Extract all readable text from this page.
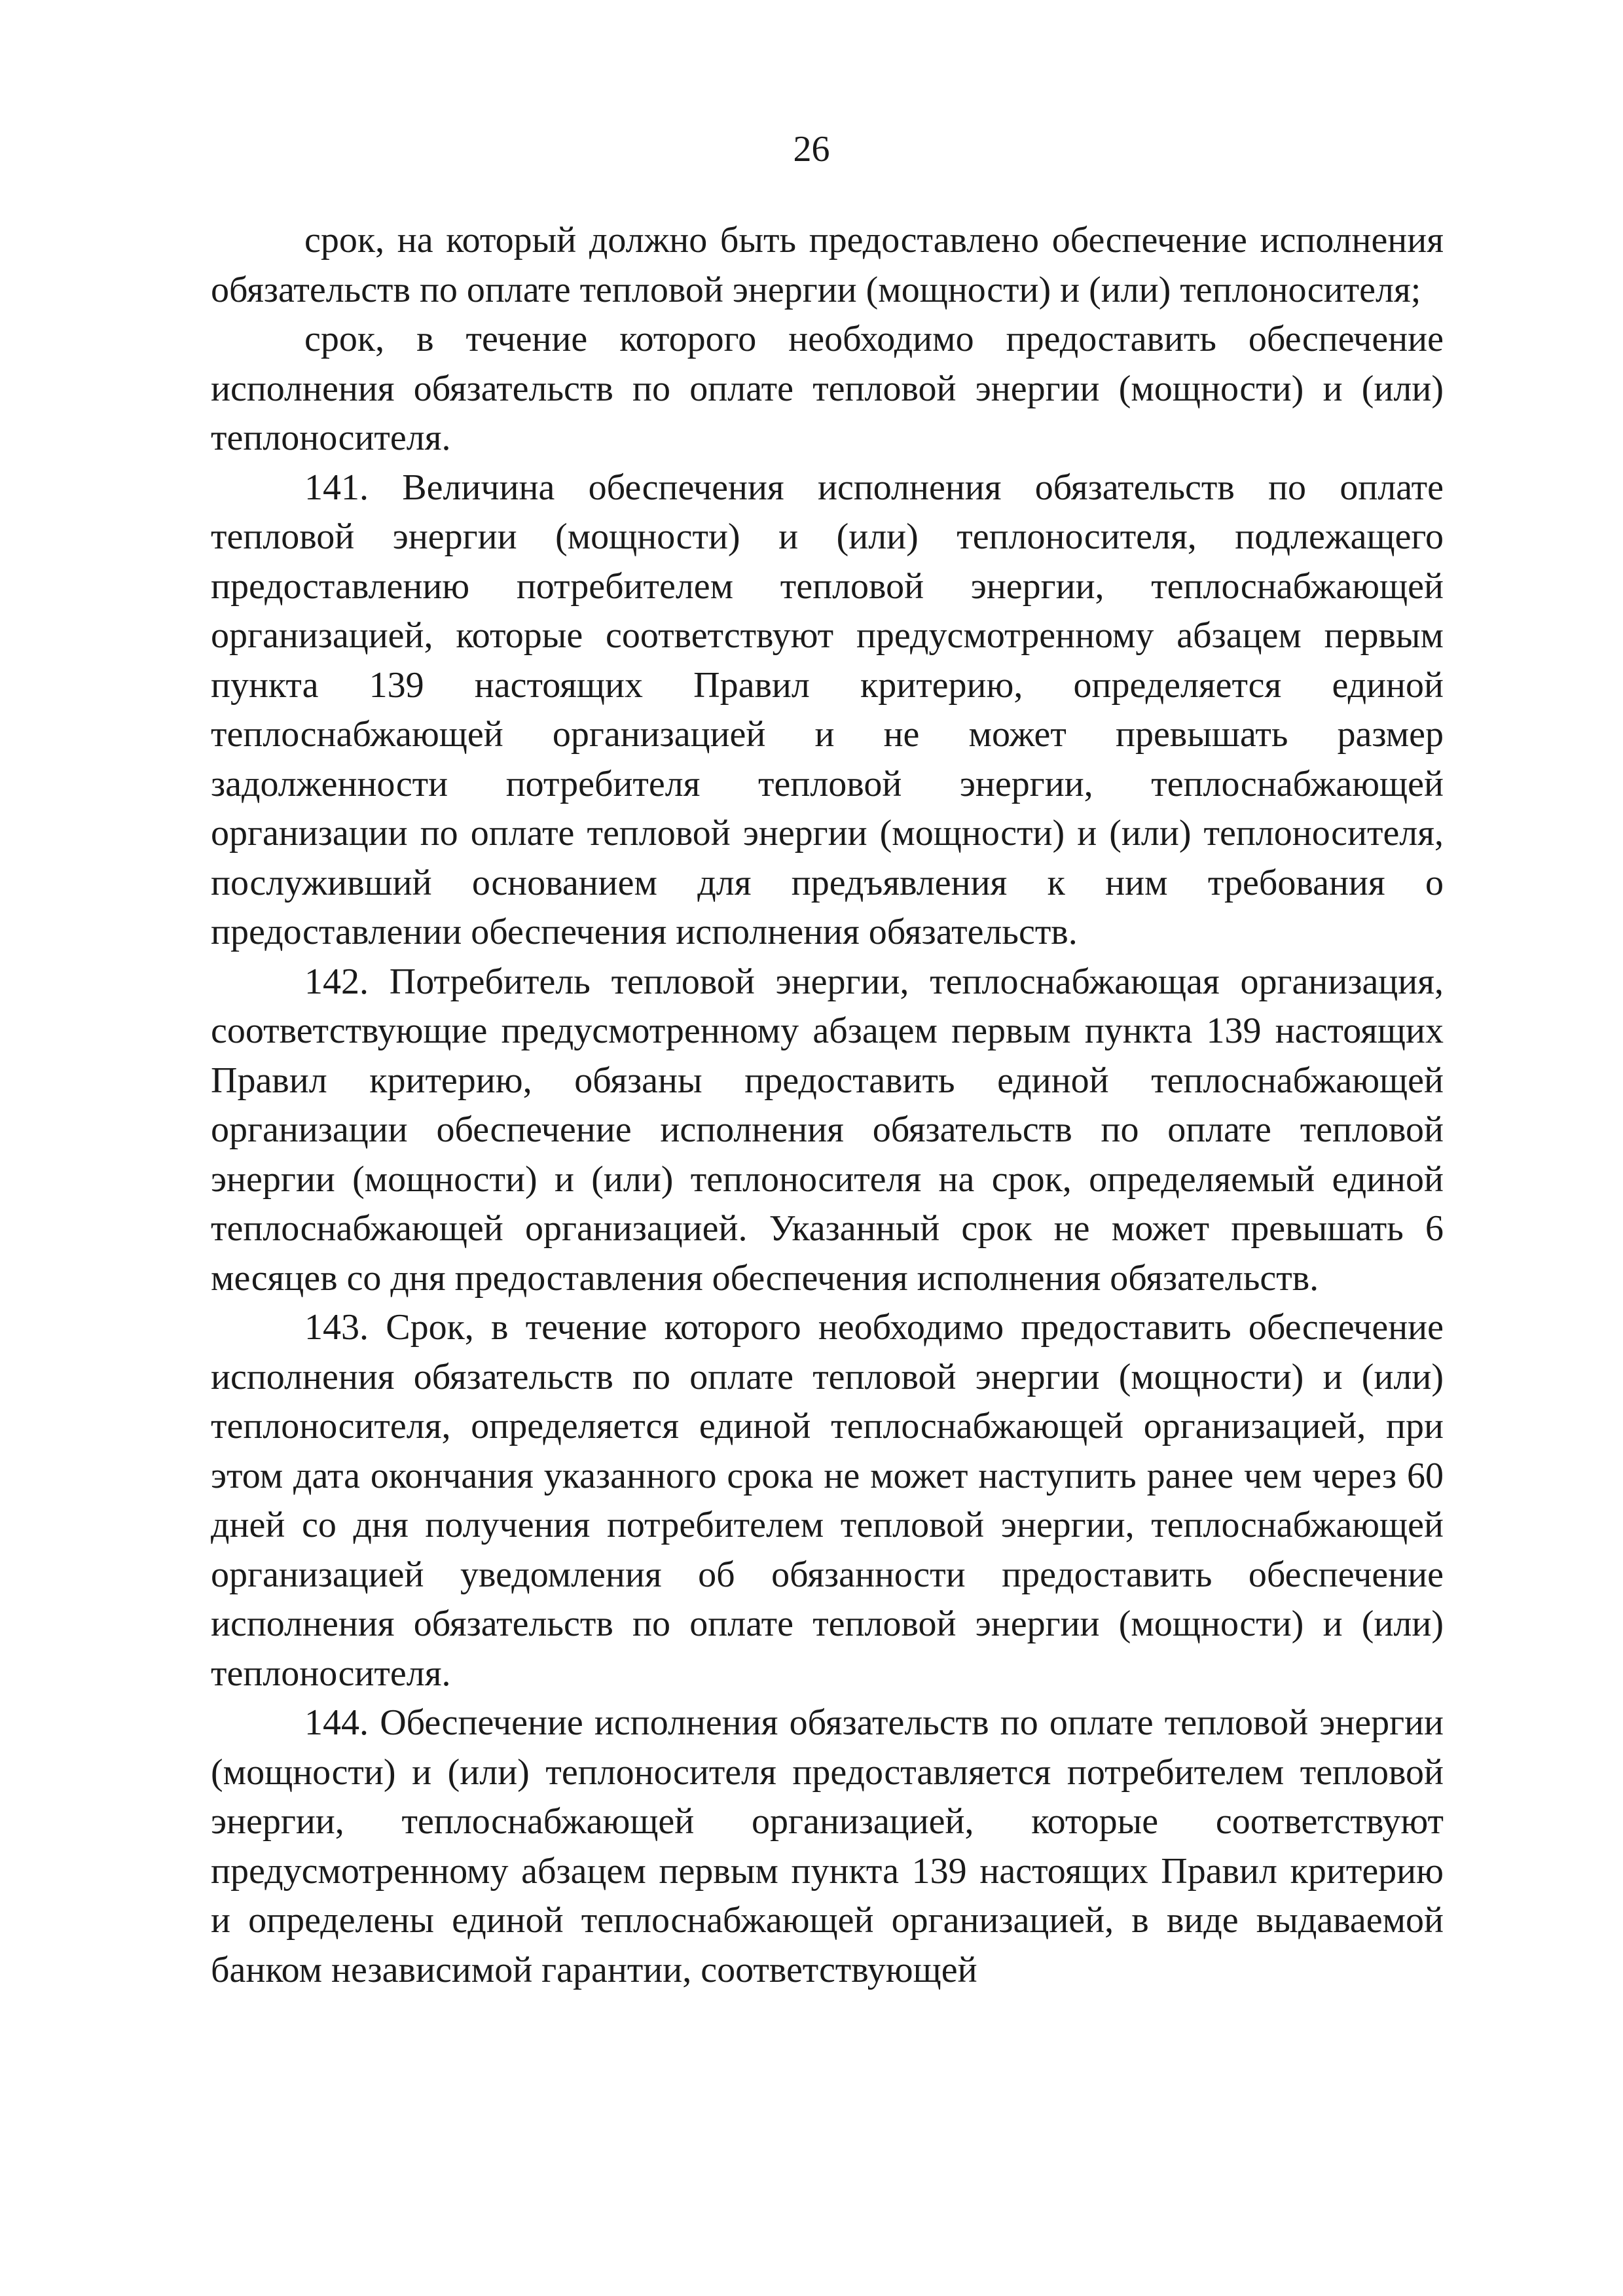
26

срок, на который должно быть предоставлено обеспечение исполнения обязательств по оплате тепловой энергии (мощности) и (или) теплоносителя;

срок, в течение которого необходимо предоставить обеспечение исполнения обязательств по оплате тепловой энергии (мощности) и (или) теплоносителя.

141. Величина обеспечения исполнения обязательств по оплате тепловой энергии (мощности) и (или) теплоносителя, подлежащего предоставлению потребителем тепловой энергии, теплоснабжающей организацией, которые соответствуют предусмотренному абзацем первым пункта 139 настоящих Правил критерию, определяется единой теплоснабжающей организацией и не может превышать размер задолженности потребителя тепловой энергии, теплоснабжающей организации по оплате тепловой энергии (мощности) и (или) теплоносителя, послуживший основанием для предъявления к ним требования о предоставлении обеспечения исполнения обязательств.

142. Потребитель тепловой энергии, теплоснабжающая организация, соответствующие предусмотренному абзацем первым пункта 139 настоящих Правил критерию, обязаны предоставить единой теплоснабжающей организации обеспечение исполнения обязательств по оплате тепловой энергии (мощности) и (или) теплоносителя на срок, определяемый единой теплоснабжающей организацией. Указанный срок не может превышать 6 месяцев со дня предоставления обеспечения исполнения обязательств.

143. Срок, в течение которого необходимо предоставить обеспечение исполнения обязательств по оплате тепловой энергии (мощности) и (или) теплоносителя, определяется единой теплоснабжающей организацией, при этом дата окончания указанного срока не может наступить ранее чем через 60 дней со дня получения потребителем тепловой энергии, теплоснабжающей организацией уведомления об обязанности предоставить обеспечение исполнения обязательств по оплате тепловой энергии (мощности) и (или) теплоносителя.

144. Обеспечение исполнения обязательств по оплате тепловой энергии (мощности) и (или) теплоносителя предоставляется потребителем тепловой энергии, теплоснабжающей организацией, которые соответствуют предусмотренному абзацем первым пункта 139 настоящих Правил критерию и определены единой теплоснабжающей организацией, в виде выдаваемой банком независимой гарантии, соответствующей
